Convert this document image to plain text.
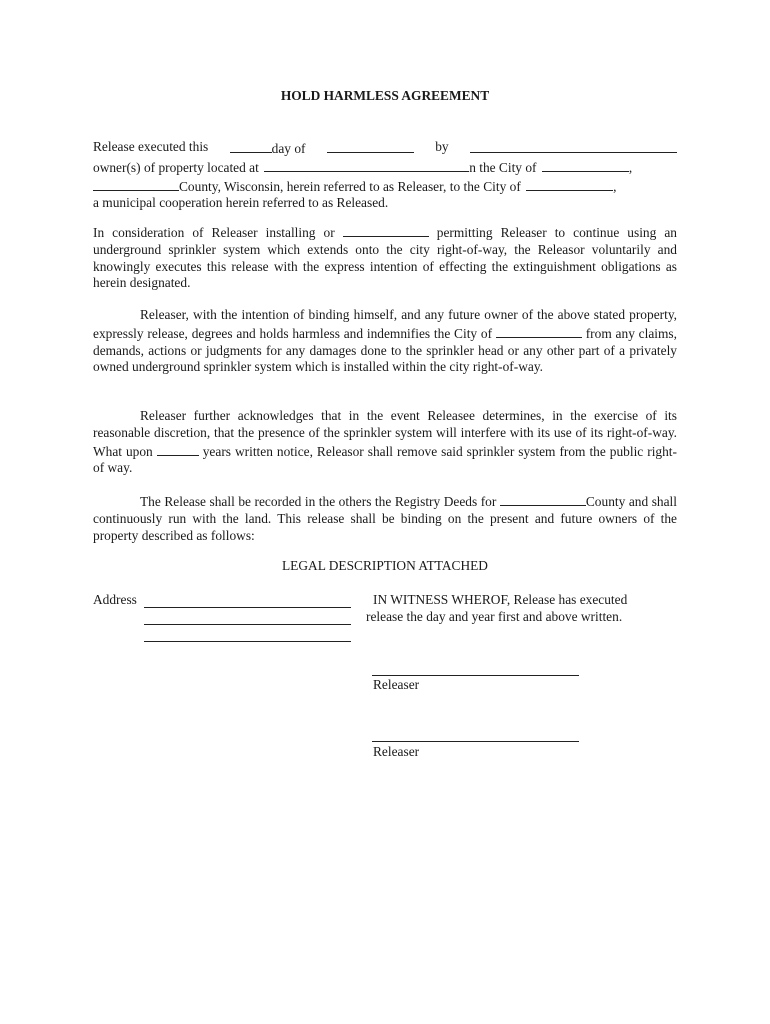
HOLD HARMLESS AGREEMENT
Release executed this	day of	by
owner(s) of property located at	n the City of	,
County, Wisconsin, herein referred to as Releaser, to the City of	,
a municipal cooperation herein referred to as Released.
In consideration of Releaser installing or	permitting Releaser to continue using an underground sprinkler system which extends onto the city right-of-way, the Releasor voluntarily and knowingly executes this release with the express intention of effecting the extinguishment obligations as herein designated.
Releaser, with the intention of binding himself, and any future owner of the above stated property, expressly release, degrees and holds harmless and indemnifies the City of	from any claims, demands, actions or judgments for any damages done to the sprinkler head or any other part of a privately owned underground sprinkler system which is installed within the city right-of-way.
Releaser further acknowledges that in the event Releasee determines, in the exercise of its reasonable discretion, that the presence of the sprinkler system will interfere with its use of its right-of-way. What upon	years written notice, Releasor shall remove said sprinkler system from the public right-of way.
The Release shall be recorded in the others the Registry Deeds for	County and shall continuously run with the land. This release shall be binding on the present and future owners of the property described as follows:
LEGAL DESCRIPTION ATTACHED
Address	IN WITNESS WHEROF, Release has executed
release the day and year first and above written.
Releaser
Releaser
